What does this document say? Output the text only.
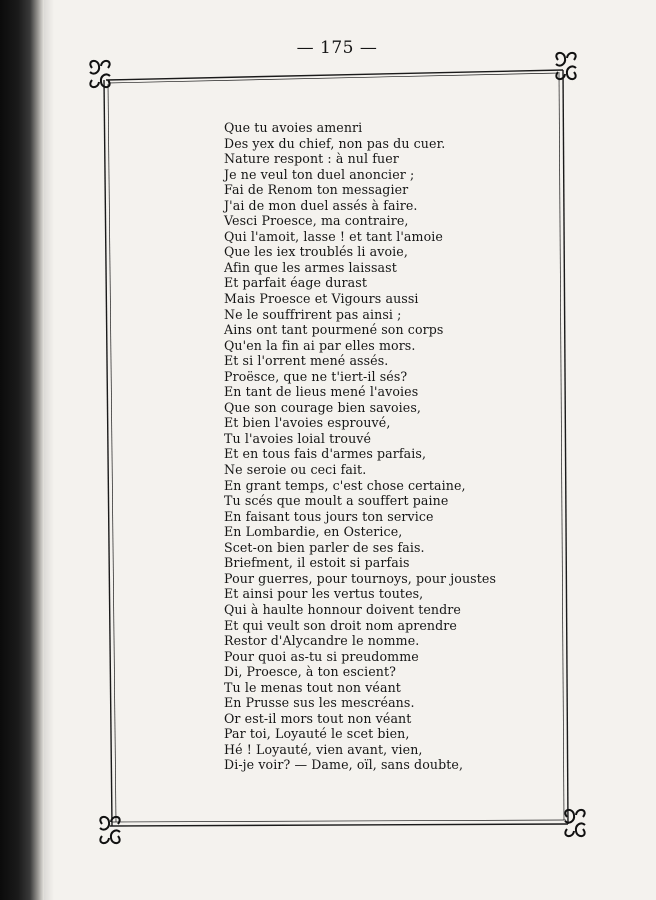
— 175 —
Que tu avoies amenri
Des yex du chief, non pas du cuer.
Nature respont : à nul fuer
Je ne veul ton duel anoncier ;
Fai de Renom ton messagier
J'ai de mon duel assés à faire.
Vesci Proesce, ma contraire,
Qui l'amoit, lasse ! et tant l'amoie
Que les iex troublés li avoie,
Afin que les armes laissast
Et parfait éage durast
Mais Proesce et Vigours aussi
Ne le souffrirent pas ainsi ;
Ains ont tant pourmené son corps
Qu'en la fin ai par elles mors.
Et si l'orrent mené assés.
Proësce, que ne t'iert-il sés?
En tant de lieus mené l'avoies
Que son courage bien savoies,
Et bien l'avoies esprouvé,
Tu l'avoies loial trouvé
Et en tous fais d'armes parfais,
Ne seroie ou ceci fait.
En grant temps, c'est chose certaine,
Tu scés que moult a souffert paine
En faisant tous jours ton service
En Lombardie, en Osterice,
Scet-on bien parler de ses fais.
Briefment, il estoit si parfais
Pour guerres, pour tournoys, pour joustes
Et ainsi pour les vertus toutes,
Qui à haulte honnour doivent tendre
Et qui veult son droit nom aprendre
Restor d'Alycandre le nomme.
Pour quoi as-tu si preudomme
Di, Proesce, à ton escient?
Tu le menas tout non véant
En Prusse sus les mescréans.
Or est-il mors tout non véant
Par toi, Loyauté le scet bien,
Hé ! Loyauté, vien avant, vien,
Di-je voir? — Dame, oïl, sans doubte,
